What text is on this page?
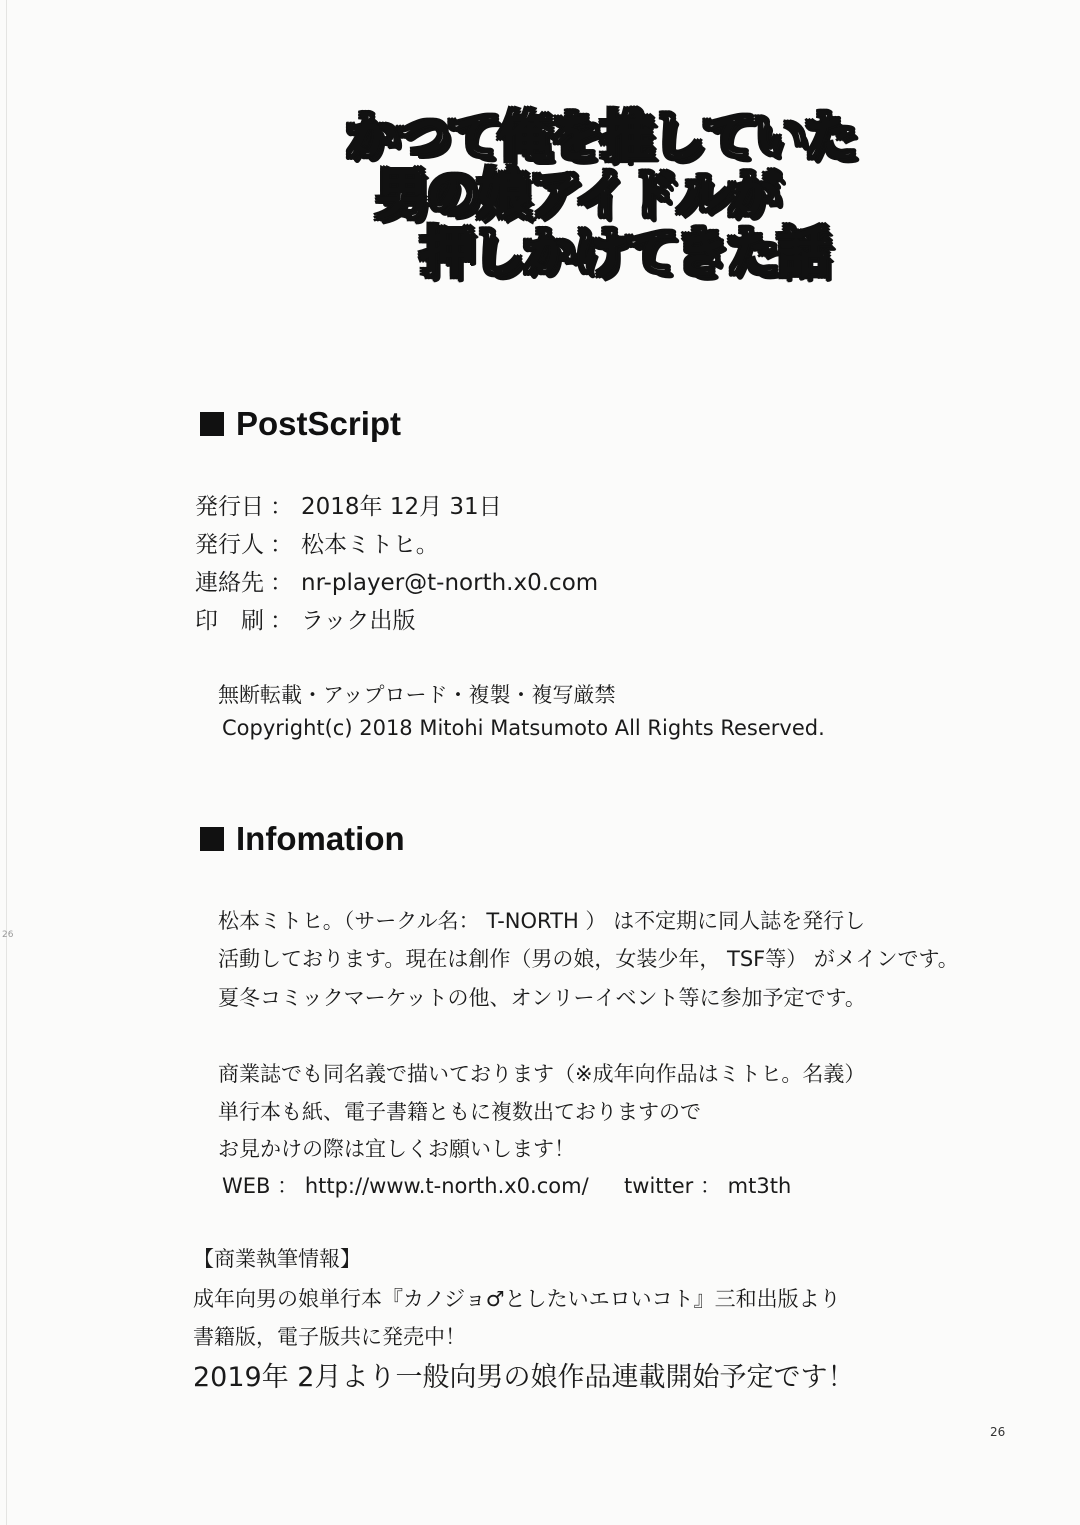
26
かつて俺を推していた
男の娘アイドルが
押しかけてきた話
PostScript
発行日 ： 2018年 12月 31日
発行人 ： 松本ミトヒ。
連絡先 ： nr-player@t-north.x0.com
印　刷 ： ラック出版
無断転載・アップロード・複製・複写厳禁
Copyright(c) 2018 Mitohi Matsumoto All Rights Reserved.
Infomation
松本ミトヒ。（サークル名： T-NORTH ） は不定期に同人誌を発行し
活動しております。現在は創作（男の娘，女装少年， TSF等） がメインです。
夏冬コミックマーケットの他、オンリーイベント等に参加予定です。
商業誌でも同名義で描いております（※成年向作品はミトヒ。名義）
単行本も紙、電子書籍ともに複数出ておりますので
お見かけの際は宜しくお願いします！
WEB ： http://www.t-north.x0.com/ twitter ： mt3th
【商業執筆情報】
成年向男の娘単行本『カノジョ♂としたいエロいコト』三和出版より
書籍版，電子版共に発売中！
2019年 2月より一般向男の娘作品連載開始予定です！
26
